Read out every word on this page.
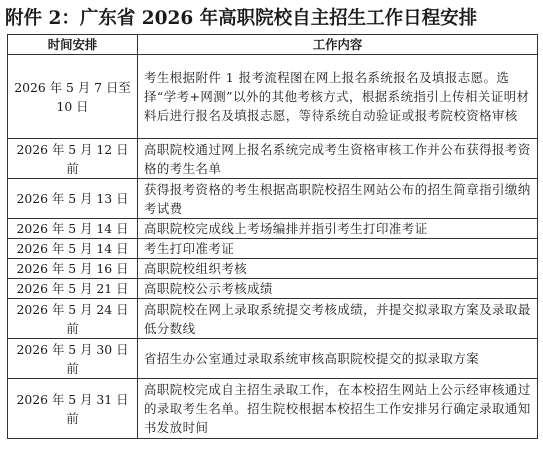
附件 2：广东省 2026 年高职院校自主招生工作日程安排
时间安排	工作内容
2026 年 5 月 7 日至 10 日	考生根据附件 1 报考流程图在网上报名系统报名及填报志愿。选择“学考+网测”以外的其他考核方式，根据系统指引上传相关证明材料后进行报名及填报志愿，等待系统自动验证或报考院校资格审核
2026 年 5 月 12 日前	高职院校通过网上报名系统完成考生资格审核工作并公布获得报考资格的考生名单
2026 年 5 月 13 日	获得报考资格的考生根据高职院校招生网站公布的招生简章指引缴纳考试费
2026 年 5 月 14 日	高职院校完成线上考场编排并指引考生打印准考证
2026 年 5 月 14 日	考生打印准考证
2026 年 5 月 16 日	高职院校组织考核
2026 年 5 月 21 日	高职院校公示考核成绩
2026 年 5 月 24 日前	高职院校在网上录取系统提交考核成绩，并提交拟录取方案及录取最低分数线
2026 年 5 月 30 日前	省招生办公室通过录取系统审核高职院校提交的拟录取方案
2026 年 5 月 31 日前	高职院校完成自主招生录取工作，在本校招生网站上公示经审核通过的录取考生名单。招生院校根据本校招生工作安排另行确定录取通知书发放时间
